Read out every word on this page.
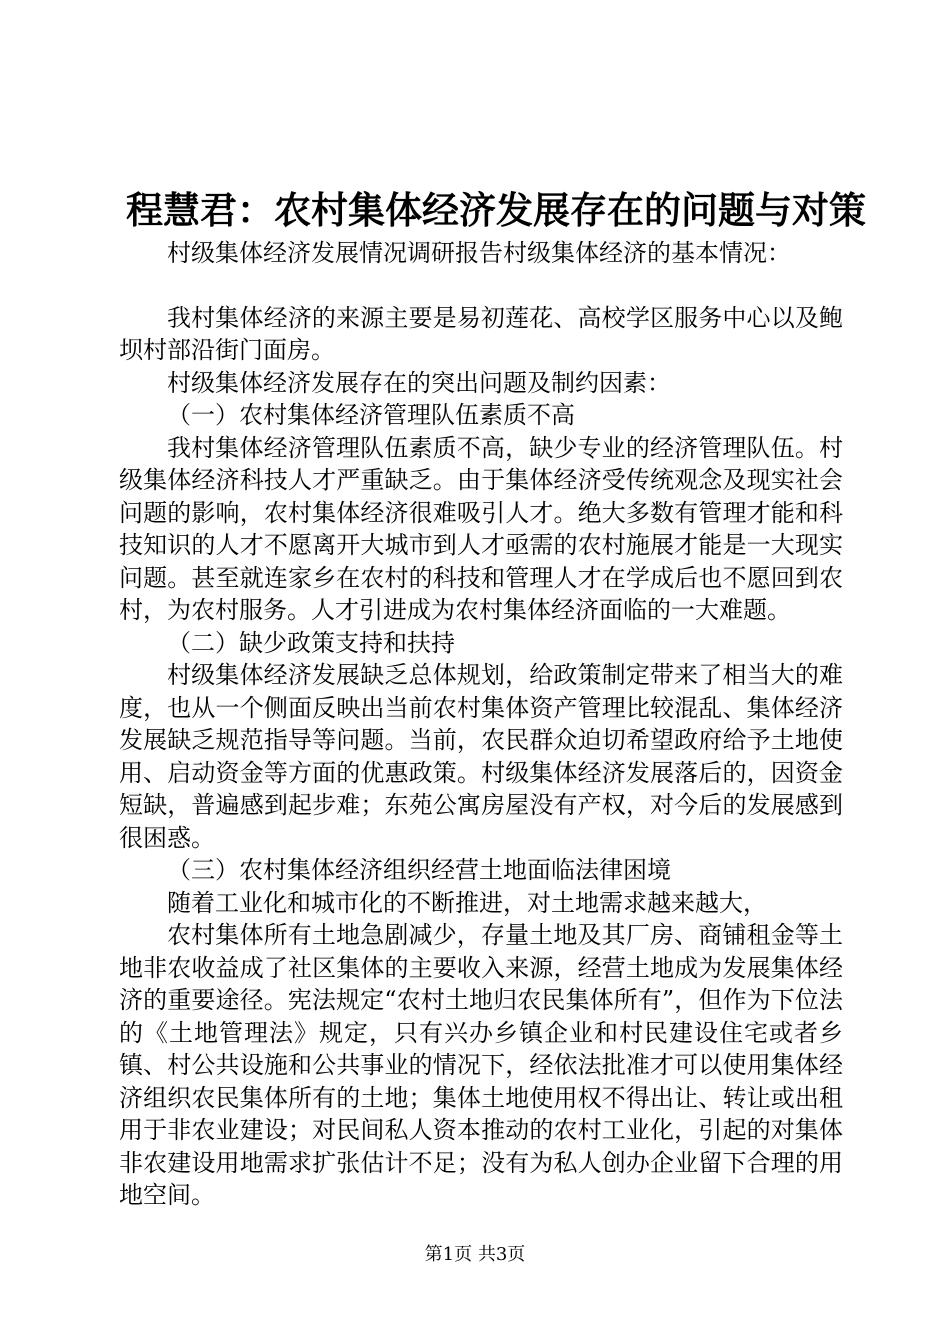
程慧君：农村集体经济发展存在的问题与对策

村级集体经济发展情况调研报告村级集体经济的基本情况：

我村集体经济的来源主要是易初莲花、高校学区服务中心以及鲍坝村部沿街门面房。

村级集体经济发展存在的突出问题及制约因素：

（一）农村集体经济管理队伍素质不高

我村集体经济管理队伍素质不高，缺少专业的经济管理队伍。村级集体经济科技人才严重缺乏。由于集体经济受传统观念及现实社会问题的影响，农村集体经济很难吸引人才。绝大多数有管理才能和科技知识的人才不愿离开大城市到人才亟需的农村施展才能是一大现实问题。甚至就连家乡在农村的科技和管理人才在学成后也不愿回到农村，为农村服务。人才引进成为农村集体经济面临的一大难题。

（二）缺少政策支持和扶持

村级集体经济发展缺乏总体规划，给政策制定带来了相当大的难度，也从一个侧面反映出当前农村集体资产管理比较混乱、集体经济发展缺乏规范指导等问题。当前，农民群众迫切希望政府给予土地使用、启动资金等方面的优惠政策。村级集体经济发展落后的，因资金短缺，普遍感到起步难；东苑公寓房屋没有产权，对今后的发展感到很困惑。

（三）农村集体经济组织经营土地面临法律困境

随着工业化和城市化的不断推进，对土地需求越来越大，

农村集体所有土地急剧减少，存量土地及其厂房、商铺租金等土地非农收益成了社区集体的主要收入来源，经营土地成为发展集体经济的重要途径。宪法规定“农村土地归农民集体所有”，但作为下位法的《土地管理法》规定，只有兴办乡镇企业和村民建设住宅或者乡镇、村公共设施和公共事业的情况下，经依法批准才可以使用集体经济组织农民集体所有的土地；集体土地使用权不得出让、转让或出租用于非农业建设；对民间私人资本推动的农村工业化，引起的对集体非农建设用地需求扩张估计不足；没有为私人创办企业留下合理的用地空间。

第1页 共3页
